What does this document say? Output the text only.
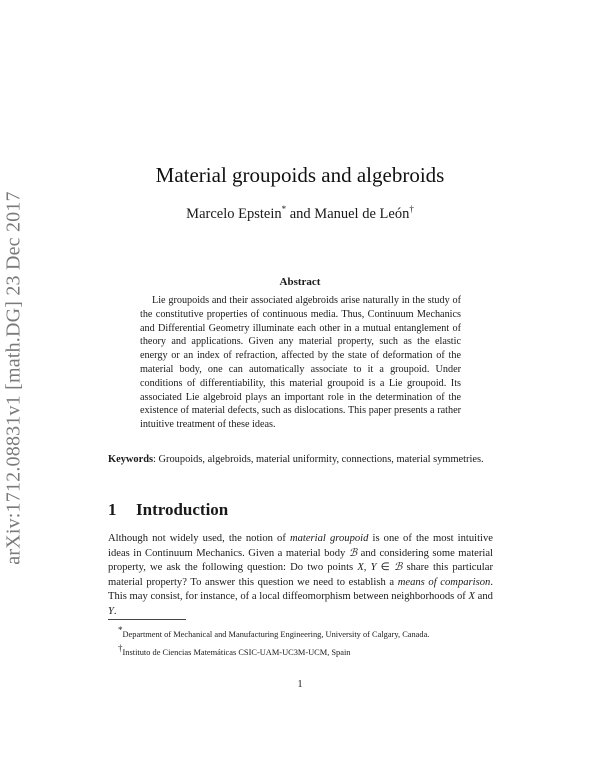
arXiv:1712.08831v1 [math.DG] 23 Dec 2017
Material groupoids and algebroids
Marcelo Epstein* and Manuel de León†
Abstract

Lie groupoids and their associated algebroids arise naturally in the study of the constitutive properties of continuous media. Thus, Continuum Mechanics and Differential Geometry illuminate each other in a mutual entanglement of theory and applications. Given any material property, such as the elastic energy or an index of refraction, affected by the state of deformation of the material body, one can automatically associate to it a groupoid. Under conditions of differentiability, this material groupoid is a Lie groupoid. Its associated Lie algebroid plays an important role in the determination of the existence of material defects, such as dislocations. This paper presents a rather intuitive treatment of these ideas.

Keywords: Groupoids, algebroids, material uniformity, connections, material symmetries.

1 Introduction

Although not widely used, the notion of material groupoid is one of the most intuitive ideas in Continuum Mechanics. Given a material body ℬ and considering some material property, we ask the following question: Do two points X, Y ∈ ℬ share this particular material property? To answer this question we need to establish a means of comparison. This may consist, for instance, of a local diffeomorphism between neighborhoods of X and Y.

*Department of Mechanical and Manufacturing Engineering, University of Calgary, Canada.

†Instituto de Ciencias Matemáticas CSIC-UAM-UC3M-UCM, Spain

1
